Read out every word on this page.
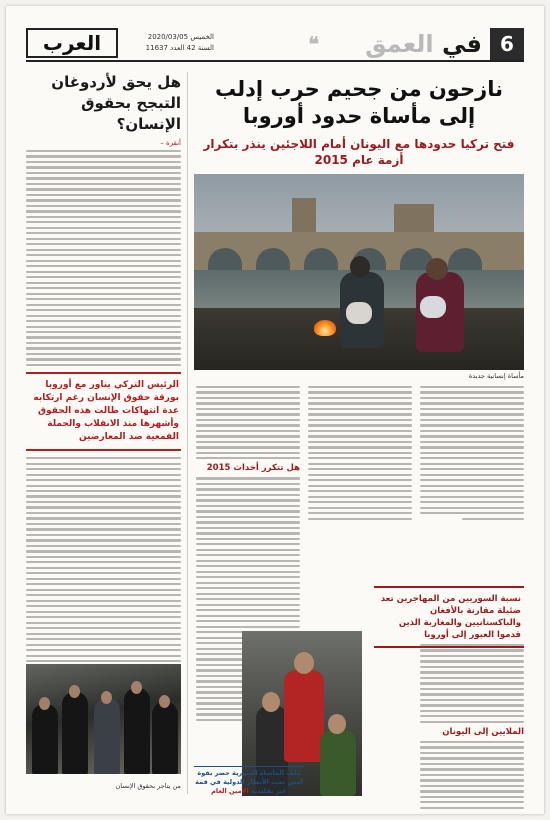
6
في العمق
❝
الخميس 2020/03/05
السنة 42 العدد 11637
العرب
نازحون من جحيم حرب إدلب
إلى مأساة حدود أوروبا
فتح تركيا حدودها مع اليونان أمام اللاجئين ينذر بتكرار أزمة عام 2015
مأساة إنسانية جديدة
هل تتكرر أحداث 2015
نسبة السوريين من المهاجرين تعد ضئيلة مقارنة بالأفغان والباكستانيين والمغاربة الذين قدموا العبور إلى أوروبا
الملايين إلى اليونان
ملف المأساة السورية حضر بقوة أمس تحت الأنظار الدولية في قمة غير تقليدية الأمين العام
هل يحق لأردوغان التبجح بحقوق الإنسان؟
أنقرة –
الرئيس التركي يناور مع أوروبا بورقة حقوق الإنسان رغم ارتكابه عدة انتهاكات طالت هذه الحقوق وأشهرها منذ الانقلاب والحملة القمعية ضد المعارضين
من يتاجر بحقوق الإنسان
